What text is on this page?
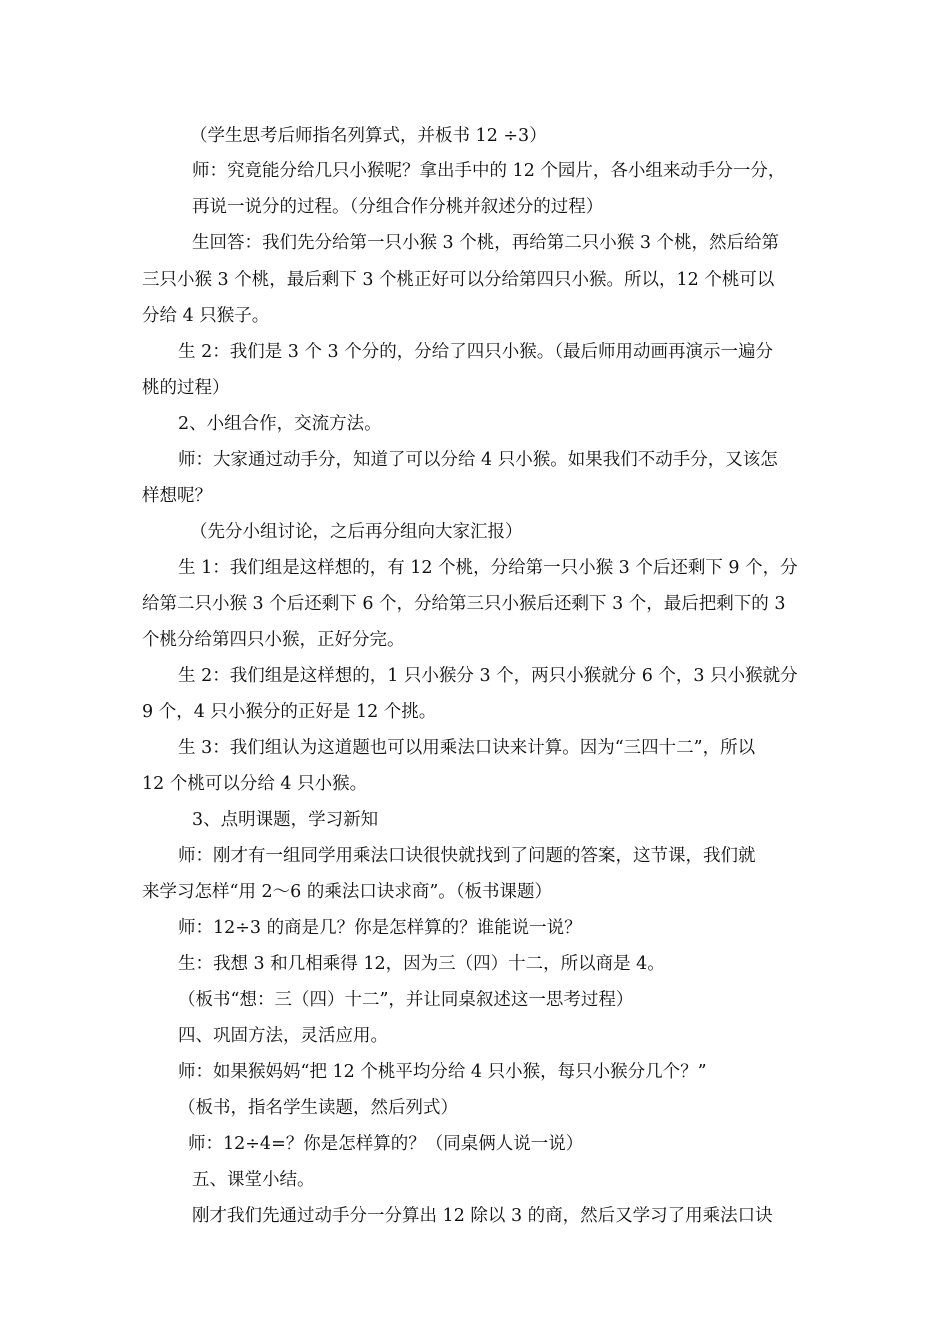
（学生思考后师指名列算式，并板书 12 ÷3）
师：究竟能分给几只小猴呢？拿出手中的 12 个园片，各小组来动手分一分，
再说一说分的过程。（分组合作分桃并叙述分的过程）
生回答：我们先分给第一只小猴 3 个桃，再给第二只小猴 3 个桃，然后给第
三只小猴 3 个桃，最后剩下 3 个桃正好可以分给第四只小猴。所以，12 个桃可以
分给 4 只猴子。
生 2：我们是 3 个 3 个分的，分给了四只小猴。（最后师用动画再演示一遍分
桃的过程）
2、小组合作，交流方法。
师：大家通过动手分，知道了可以分给 4 只小猴。如果我们不动手分，又该怎
样想呢？
（先分小组讨论，之后再分组向大家汇报）
生 1：我们组是这样想的，有 12 个桃，分给第一只小猴 3 个后还剩下 9 个，分
给第二只小猴 3 个后还剩下 6 个，分给第三只小猴后还剩下 3 个，最后把剩下的 3
个桃分给第四只小猴，正好分完。
生 2：我们组是这样想的，1 只小猴分 3 个，两只小猴就分 6 个，3 只小猴就分
9 个，4 只小猴分的正好是 12 个挑。
生 3：我们组认为这道题也可以用乘法口诀来计算。因为“三四十二”，所以
12 个桃可以分给 4 只小猴。
3、点明课题，学习新知
师：刚才有一组同学用乘法口诀很快就找到了问题的答案，这节课，我们就
来学习怎样“用 2～6 的乘法口诀求商”。（板书课题）
师：12÷3 的商是几？你是怎样算的？谁能说一说？
生：我想 3 和几相乘得 12，因为三（四）十二，所以商是 4。
（板书“想：三（四）十二”，并让同桌叙述这一思考过程）
四、巩固方法，灵活应用。
师：如果猴妈妈“把 12 个桃平均分给 4 只小猴，每只小猴分几个？”
（板书，指名学生读题，然后列式）
师：12÷4=？你是怎样算的？（同桌俩人说一说）
五、课堂小结。
刚才我们先通过动手分一分算出 12 除以 3 的商，然后又学习了用乘法口诀
